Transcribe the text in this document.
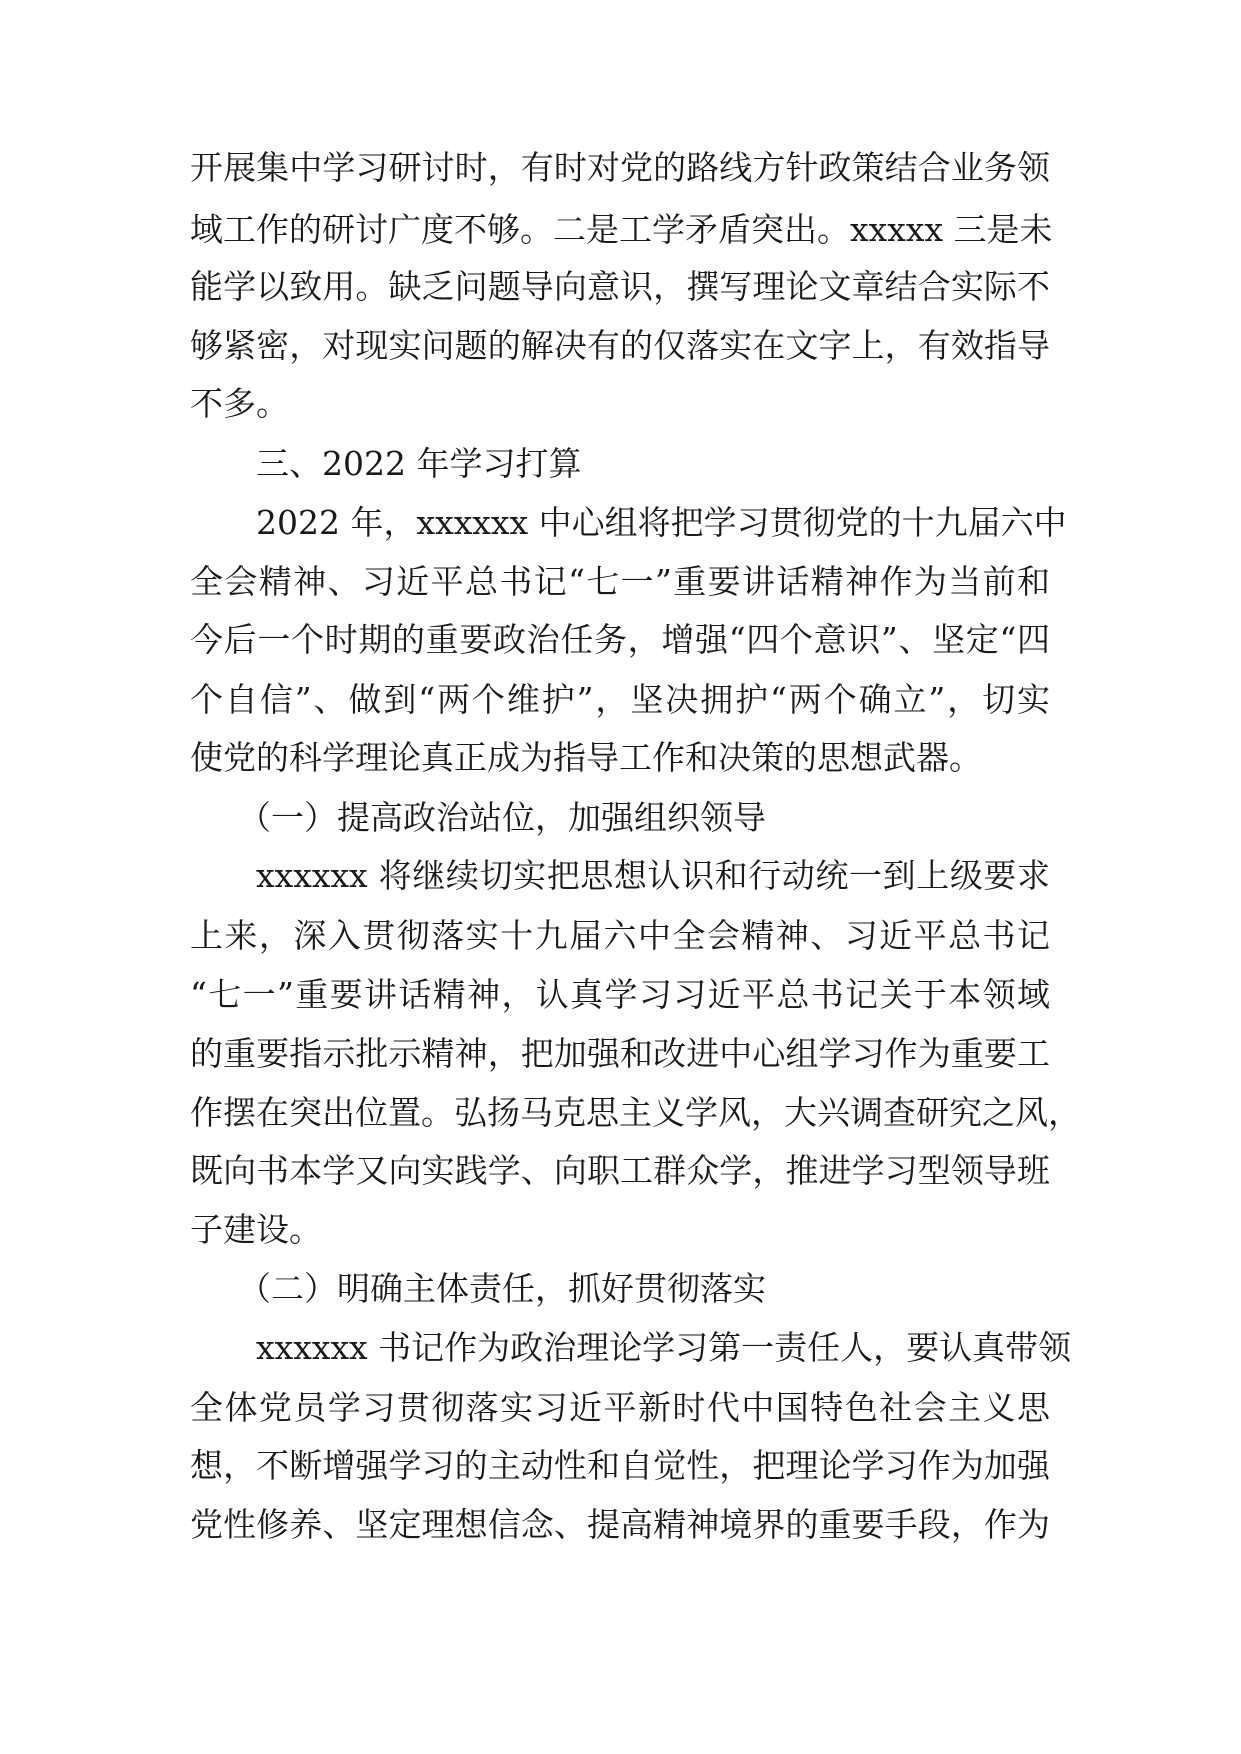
开展集中学习研讨时，有时对党的路线方针政策结合业务领
域工作的研讨广度不够。二是工学矛盾突出。xxxxx 三是未
能学以致用。缺乏问题导向意识，撰写理论文章结合实际不
够紧密，对现实问题的解决有的仅落实在文字上，有效指导
不多。
三、2022 年学习打算
2022 年，xxxxxx 中心组将把学习贯彻党的十九届六中
全会精神、习近平总书记“七一”重要讲话精神作为当前和
今后一个时期的重要政治任务，增强“四个意识”、坚定“四
个自信”、做到“两个维护”，坚决拥护“两个确立”，切实
使党的科学理论真正成为指导工作和决策的思想武器。
（一）提高政治站位，加强组织领导
xxxxxx 将继续切实把思想认识和行动统一到上级要求
上来，深入贯彻落实十九届六中全会精神、习近平总书记
“七一”重要讲话精神，认真学习习近平总书记关于本领域
的重要指示批示精神，把加强和改进中心组学习作为重要工
作摆在突出位置。弘扬马克思主义学风，大兴调查研究之风，
既向书本学又向实践学、向职工群众学，推进学习型领导班
子建设。
（二）明确主体责任，抓好贯彻落实
xxxxxx 书记作为政治理论学习第一责任人，要认真带领
全体党员学习贯彻落实习近平新时代中国特色社会主义思
想，不断增强学习的主动性和自觉性，把理论学习作为加强
党性修养、坚定理想信念、提高精神境界的重要手段，作为
